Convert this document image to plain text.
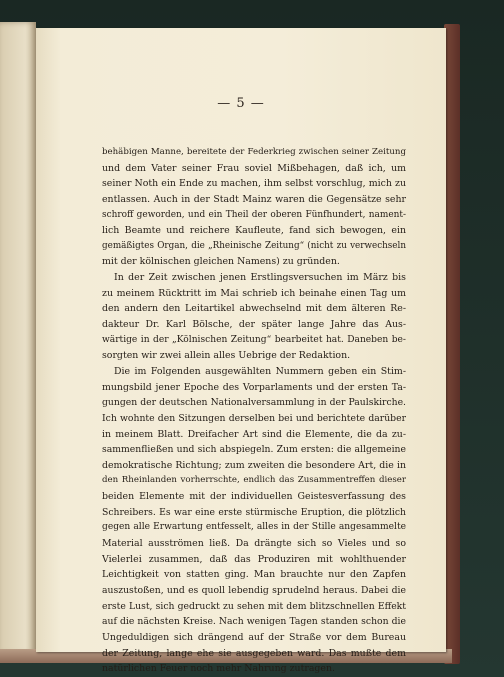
— 5 —
behäbigen Manne, bereitete der Federkrieg zwischen seiner Zeitung
und dem Vater seiner Frau soviel Mißbehagen, daß ich, um
seiner Noth ein Ende zu machen, ihm selbst vorschlug, mich zu
entlassen. Auch in der Stadt Mainz waren die Gegensätze sehr
schroff geworden, und ein Theil der oberen Fünfhundert, nament-
lich Beamte und reichere Kaufleute, fand sich bewogen, ein
gemäßigtes Organ, die „Rheinische Zeitung“ (nicht zu verwechseln
mit der kölnischen gleichen Namens) zu gründen.
In der Zeit zwischen jenen Erstlingsversuchen im März bis
zu meinem Rücktritt im Mai schrieb ich beinahe einen Tag um
den andern den Leitartikel abwechselnd mit dem älteren Re-
dakteur Dr. Karl Bölsche, der später lange Jahre das Aus-
wärtige in der „Kölnischen Zeitung“ bearbeitet hat. Daneben be-
sorgten wir zwei allein alles Uebrige der Redaktion.
Die im Folgenden ausgewählten Nummern geben ein Stim-
mungsbild jener Epoche des Vorparlaments und der ersten Ta-
gungen der deutschen Nationalversammlung in der Paulskirche.
Ich wohnte den Sitzungen derselben bei und berichtete darüber
in meinem Blatt. Dreifacher Art sind die Elemente, die da zu-
sammenfließen und sich abspiegeln. Zum ersten: die allgemeine
demokratische Richtung; zum zweiten die besondere Art, die in
den Rheinlanden vorherrschte, endlich das Zusammentreffen dieser
beiden Elemente mit der individuellen Geistesverfassung des
Schreibers. Es war eine erste stürmische Eruption, die plötzlich
gegen alle Erwartung entfesselt, alles in der Stille angesammelte
Material ausströmen ließ. Da drängte sich so Vieles und so
Vielerlei zusammen, daß das Produziren mit wohlthuender
Leichtigkeit von statten ging. Man brauchte nur den Zapfen
auszustoßen, und es quoll lebendig sprudelnd heraus. Dabei die
erste Lust, sich gedruckt zu sehen mit dem blitzschnellen Effekt
auf die nächsten Kreise. Nach wenigen Tagen standen schon die
Ungeduldigen sich drängend auf der Straße vor dem Bureau
der Zeitung, lange ehe sie ausgegeben ward. Das mußte dem
natürlichen Feuer noch mehr Nahrung zutragen.
